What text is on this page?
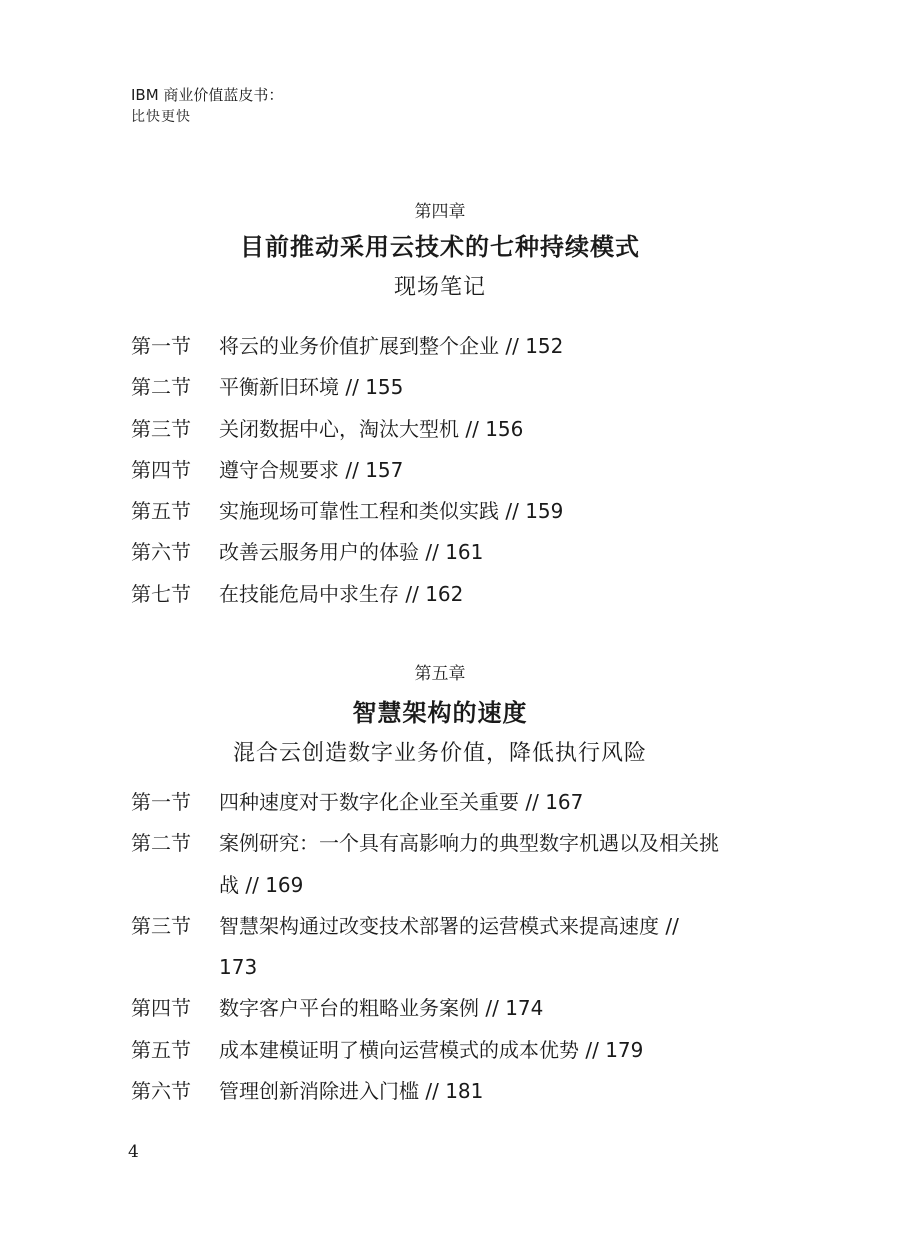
IBM 商业价值蓝皮书：
比快更快
第四章
目前推动采用云技术的七种持续模式
现场笔记
第一节	将云的业务价值扩展到整个企业 // 152
第二节	平衡新旧环境 // 155
第三节	关闭数据中心，淘汰大型机 // 156
第四节	遵守合规要求 // 157
第五节	实施现场可靠性工程和类似实践 // 159
第六节	改善云服务用户的体验 // 161
第七节	在技能危局中求生存 // 162
第五章
智慧架构的速度
混合云创造数字业务价值，降低执行风险
第一节	四种速度对于数字化企业至关重要 // 167
第二节	案例研究：一个具有高影响力的典型数字机遇以及相关挑战 // 169
第三节	智慧架构通过改变技术部署的运营模式来提高速度 // 173
第四节	数字客户平台的粗略业务案例 // 174
第五节	成本建模证明了横向运营模式的成本优势 // 179
第六节	管理创新消除进入门槛 // 181
4
